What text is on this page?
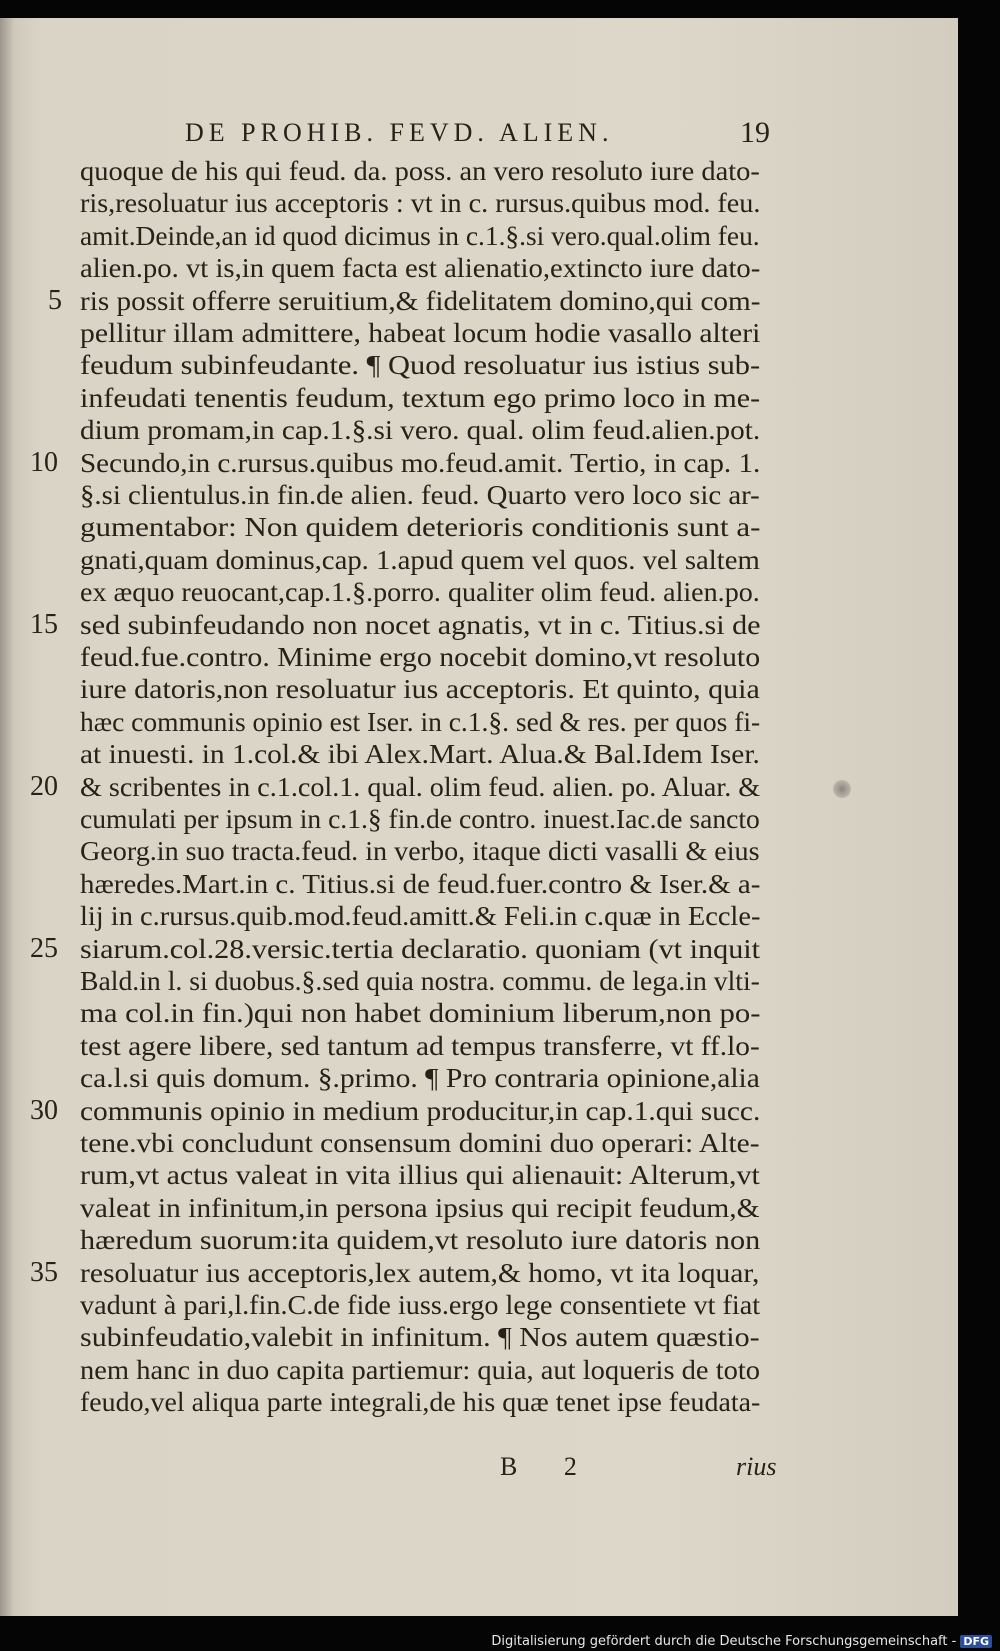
DE PROHIB. FEVD. ALIEN.	19
quoque de his qui feud. da. poss. an vero resoluto iure dato-
ris,resoluatur ius acceptoris : vt in c. rursus.quibus mod. feu.
amit.Deinde,an id quod dicimus in c.1.§.si vero.qual.olim feu.
alien.po. vt is,in quem facta est alienatio,extincto iure dato-
ris possit offerre seruitium,& fidelitatem domino,qui com-
pellitur illam admittere, habeat locum hodie vasallo alteri
feudum subinfeudante. ¶ Quod resoluatur ius istius sub-
infeudati tenentis feudum, textum ego primo loco in me-
dium promam,in cap.1.§.si vero. qual. olim feud.alien.pot.
Secundo,in c.rursus.quibus mo.feud.amit. Tertio, in cap. 1.
§.si clientulus.in fin.de alien. feud. Quarto vero loco sic ar-
gumentabor: Non quidem deterioris conditionis sunt a-
gnati,quam dominus,cap. 1.apud quem vel quos. vel saltem
ex æquo reuocant,cap.1.§.porro. qualiter olim feud. alien.po.
sed subinfeudando non nocet agnatis, vt in c. Titius.si de
feud.fue.contro. Minime ergo nocebit domino,vt resoluto
iure datoris,non resoluatur ius acceptoris. Et quinto, quia
hæc communis opinio est Iser. in c.1.§. sed & res. per quos fi-
at inuesti. in 1.col.& ibi Alex.Mart. Alua.& Bal.Idem Iser.
& scribentes in c.1.col.1. qual. olim feud. alien. po. Aluar. &
cumulati per ipsum in c.1.§ fin.de contro. inuest.Iac.de sancto
Georg.in suo tracta.feud. in verbo, itaque dicti vasalli & eius
hæredes.Mart.in c. Titius.si de feud.fuer.contro & Iser.& a-
lij in c.rursus.quib.mod.feud.amitt.& Feli.in c.quæ in Eccle-
siarum.col.28.versic.tertia declaratio. quoniam (vt inquit
Bald.in l. si duobus.§.sed quia nostra. commu. de lega.in vlti-
ma col.in fin.)qui non habet dominium liberum,non po-
test agere libere, sed tantum ad tempus transferre, vt ff.lo-
ca.l.si quis domum. §.primo. ¶ Pro contraria opinione,alia
communis opinio in medium producitur,in cap.1.qui succ.
tene.vbi concludunt consensum domini duo operari: Alte-
rum,vt actus valeat in vita illius qui alienauit: Alterum,vt
valeat in infinitum,in persona ipsius qui recipit feudum,&
hæredum suorum:ita quidem,vt resoluto iure datoris non
resoluatur ius acceptoris,lex autem,& homo, vt ita loquar,
vadunt à pari,l.fin.C.de fide iuss.ergo lege consentiete vt fiat
subinfeudatio,valebit in infinitum. ¶ Nos autem quæstio-
nem hanc in duo capita partiemur: quia, aut loqueris de toto
feudo,vel aliqua parte integrali,de his quæ tenet ipse feudata-
5
10
15
20
25
30
35
B 2	rius
Digitalisierung gefördert durch die Deutsche Forschungsgemeinschaft - DFG
